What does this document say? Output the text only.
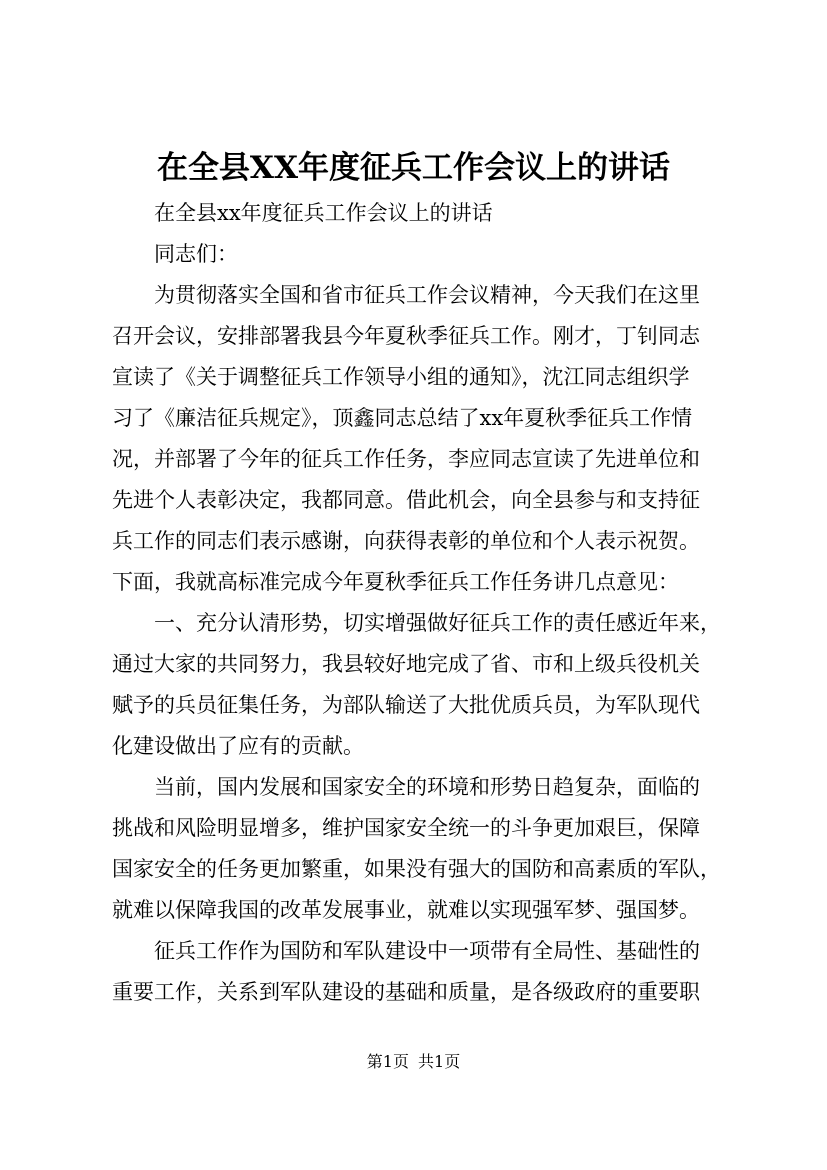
在全县XX年度征兵工作会议上的讲话

在全县xx年度征兵工作会议上的讲话

同志们：

为贯彻落实全国和省市征兵工作会议精神，今天我们在这里
召开会议，安排部署我县今年夏秋季征兵工作。刚才，丁钊同志
宣读了《关于调整征兵工作领导小组的通知》，沈江同志组织学
习了《廉洁征兵规定》，顶鑫同志总结了xx年夏秋季征兵工作情
况，并部署了今年的征兵工作任务，李应同志宣读了先进单位和
先进个人表彰决定，我都同意。借此机会，向全县参与和支持征
兵工作的同志们表示感谢，向获得表彰的单位和个人表示祝贺。
下面，我就高标准完成今年夏秋季征兵工作任务讲几点意见：

一、充分认清形势，切实增强做好征兵工作的责任感近年来，
通过大家的共同努力，我县较好地完成了省、市和上级兵役机关
赋予的兵员征集任务，为部队输送了大批优质兵员，为军队现代
化建设做出了应有的贡献。

当前，国内发展和国家安全的环境和形势日趋复杂，面临的
挑战和风险明显增多，维护国家安全统一的斗争更加艰巨，保障
国家安全的任务更加繁重，如果没有强大的国防和高素质的军队，
就难以保障我国的改革发展事业，就难以实现强军梦、强国梦。

征兵工作作为国防和军队建设中一项带有全局性、基础性的
重要工作，关系到军队建设的基础和质量，是各级政府的重要职

第1页 共1页
